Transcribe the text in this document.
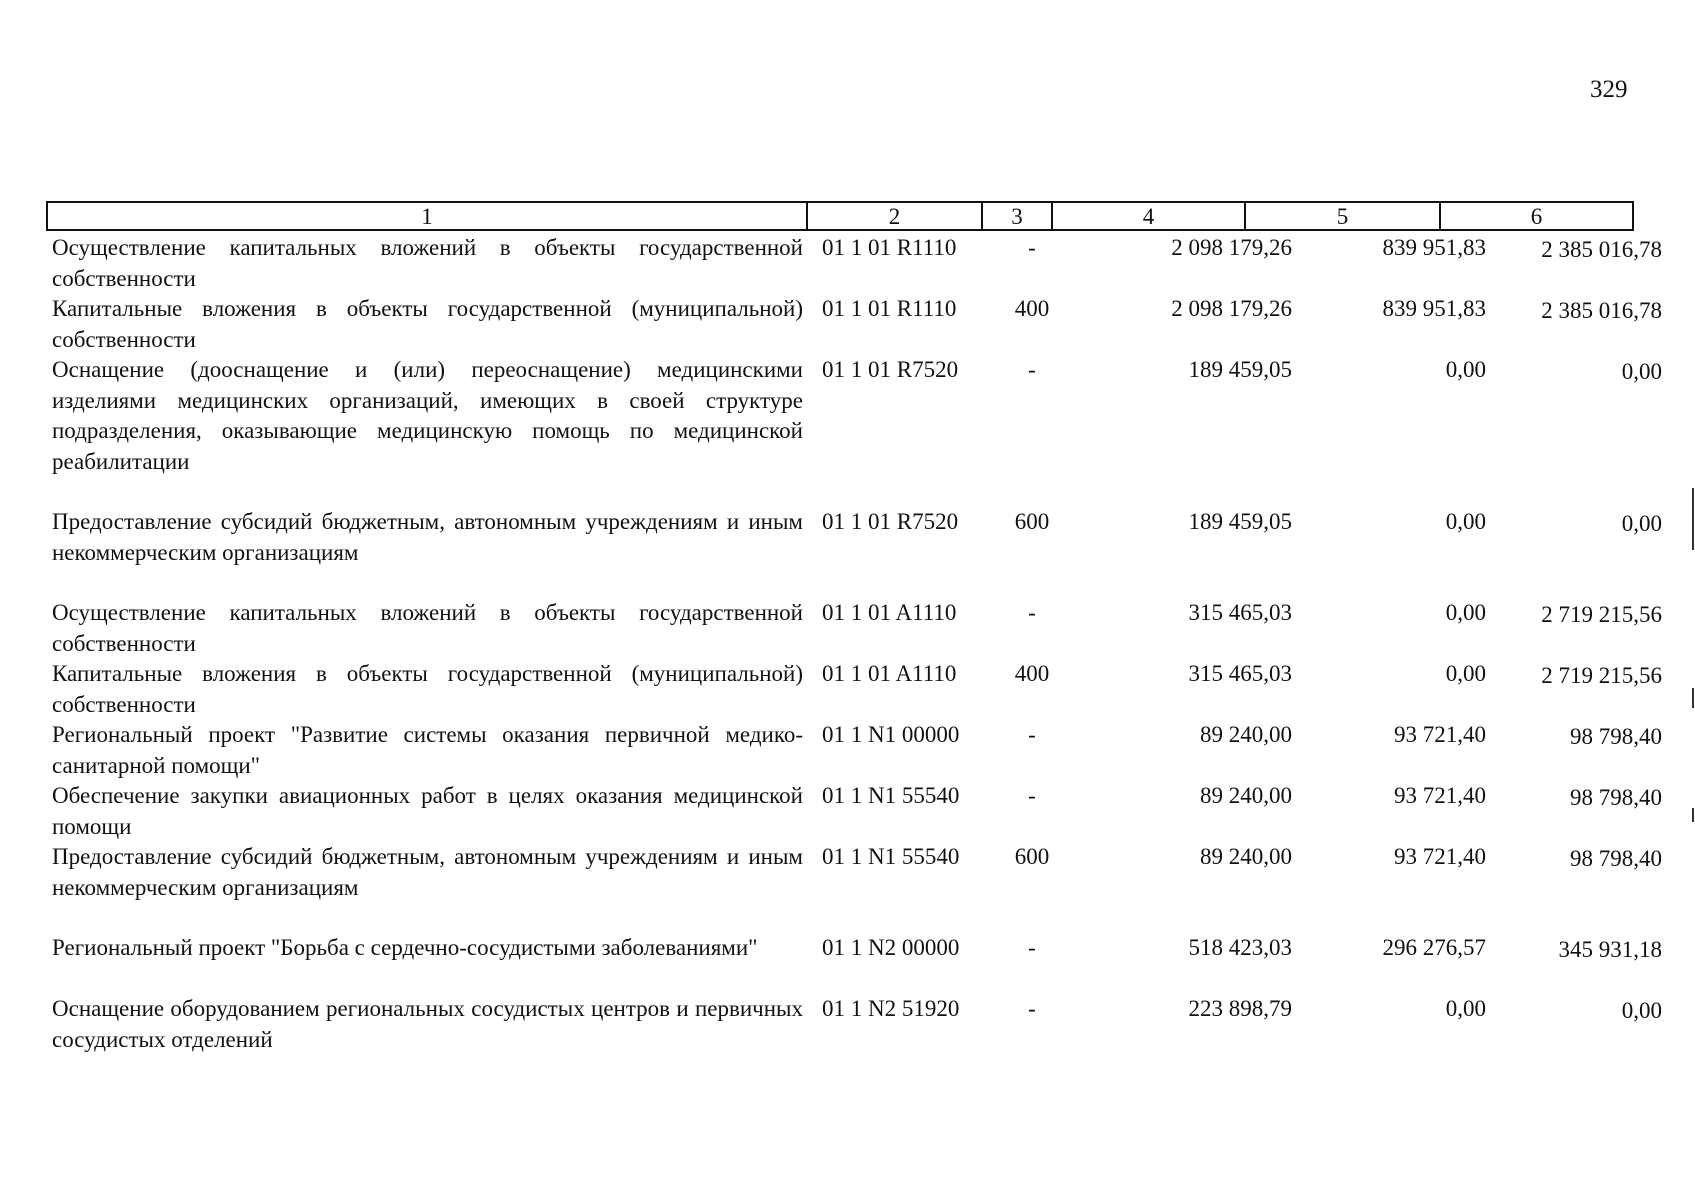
329
1	2	3	4	5	6
Осуществление капитальных вложений в объекты государственной собственности
01 1 01 R1110	-	2 098 179,26	839 951,83	2 385 016,78
Капитальные вложения в объекты государственной (муниципальной) собственности
01 1 01 R1110	400	2 098 179,26	839 951,83	2 385 016,78
Оснащение (дооснащение и (или) переоснащение) медицинскими изделиями медицинских организаций, имеющих в своей структуре подразделения, оказывающие медицинскую помощь по медицинской реабилитации
01 1 01 R7520	-	189 459,05	0,00	0,00
Предоставление субсидий бюджетным, автономным учреждениям и иным некоммерческим организациям
01 1 01 R7520	600	189 459,05	0,00	0,00
Осуществление капитальных вложений в объекты государственной собственности
01 1 01 A1110	-	315 465,03	0,00	2 719 215,56
Капитальные вложения в объекты государственной (муниципальной) собственности
01 1 01 A1110	400	315 465,03	0,00	2 719 215,56
Региональный проект "Развитие системы оказания первичной медико-санитарной помощи"
01 1 N1 00000	-	89 240,00	93 721,40	98 798,40
Обеспечение закупки авиационных работ в целях оказания медицинской помощи
01 1 N1 55540	-	89 240,00	93 721,40	98 798,40
Предоставление субсидий бюджетным, автономным учреждениям и иным некоммерческим организациям
01 1 N1 55540	600	89 240,00	93 721,40	98 798,40
Региональный проект "Борьба с сердечно-сосудистыми заболеваниями"	01 1 N2 00000	-	518 423,03	296 276,57	345 931,18
Оснащение оборудованием региональных сосудистых центров и первичных сосудистых отделений
01 1 N2 51920	-	223 898,79	0,00	0,00
